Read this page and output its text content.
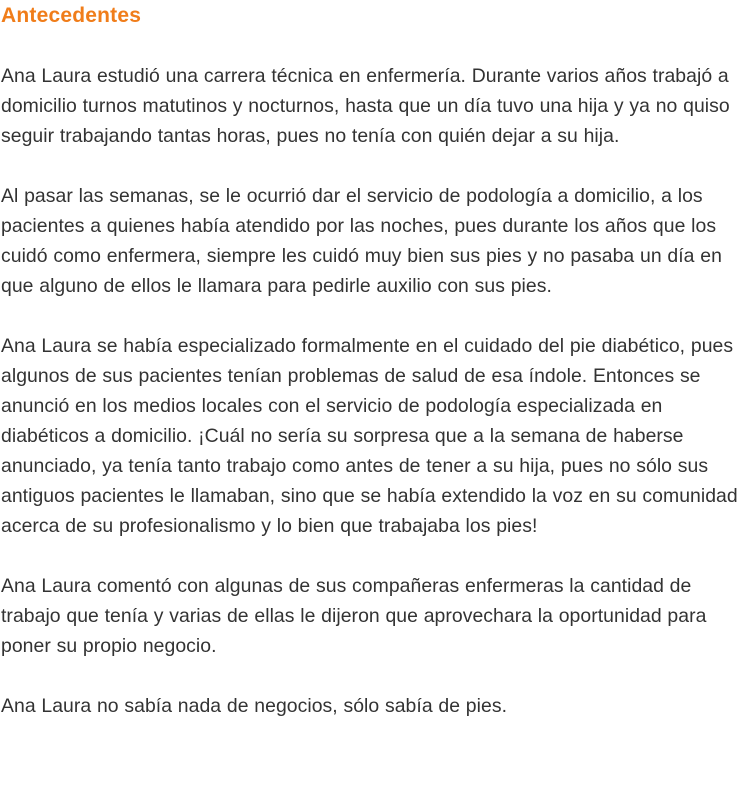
Antecedentes

Ana Laura estudió una carrera técnica en enfermería. Durante varios años trabajó a domicilio turnos matutinos y nocturnos, hasta que un día tuvo una hija y ya no quiso seguir trabajando tantas horas, pues no tenía con quién dejar a su hija.

Al pasar las semanas, se le ocurrió dar el servicio de podología a domicilio, a los pacientes a quienes había atendido por las noches, pues durante los años que los cuidó como enfermera, siempre les cuidó muy bien sus pies y no pasaba un día en que alguno de ellos le llamara para pedirle auxilio con sus pies.

Ana Laura se había especializado formalmente en el cuidado del pie diabético, pues algunos de sus pacientes tenían problemas de salud de esa índole. Entonces se anunció en los medios locales con el servicio de podología especializada en diabéticos a domicilio. ¡Cuál no sería su sorpresa que a la semana de haberse anunciado, ya tenía tanto trabajo como antes de tener a su hija, pues no sólo sus antiguos pacientes le llamaban, sino que se había extendido la voz en su comunidad acerca de su profesionalismo y lo bien que trabajaba los pies!

Ana Laura comentó con algunas de sus compañeras enfermeras la cantidad de trabajo que tenía y varias de ellas le dijeron que aprovechara la oportunidad para poner su propio negocio.

Ana Laura no sabía nada de negocios, sólo sabía de pies.
